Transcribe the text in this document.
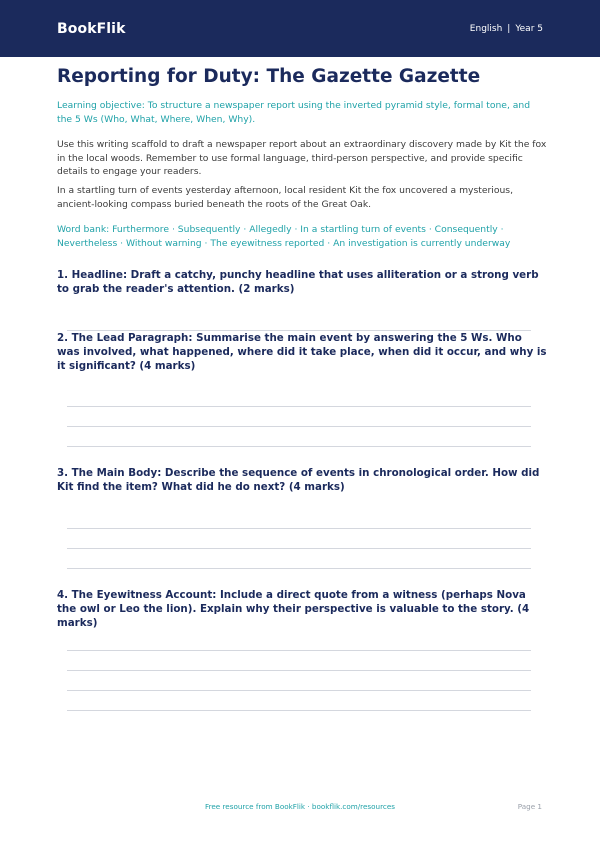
BookFlik	English | Year 5
Reporting for Duty: The Gazette Gazette

Learning objective: To structure a newspaper report using the inverted pyramid style, formal tone, and the 5 Ws (Who, What, Where, When, Why).

Use this writing scaffold to draft a newspaper report about an extraordinary discovery made by Kit the fox in the local woods. Remember to use formal language, third-person perspective, and provide specific details to engage your readers.

In a startling turn of events yesterday afternoon, local resident Kit the fox uncovered a mysterious, ancient-looking compass buried beneath the roots of the Great Oak.

Word bank: Furthermore · Subsequently · Allegedly · In a startling turn of events · Consequently · Nevertheless · Without warning · The eyewitness reported · An investigation is currently underway

1. Headline: Draft a catchy, punchy headline that uses alliteration or a strong verb to grab the reader's attention. (2 marks)

2. The Lead Paragraph: Summarise the main event by answering the 5 Ws. Who was involved, what happened, where did it take place, when did it occur, and why is it significant? (4 marks)

3. The Main Body: Describe the sequence of events in chronological order. How did Kit find the item? What did he do next? (4 marks)

4. The Eyewitness Account: Include a direct quote from a witness (perhaps Nova the owl or Leo the lion). Explain why their perspective is valuable to the story. (4 marks)

Free resource from BookFlik · bookflik.com/resources	Page 1
